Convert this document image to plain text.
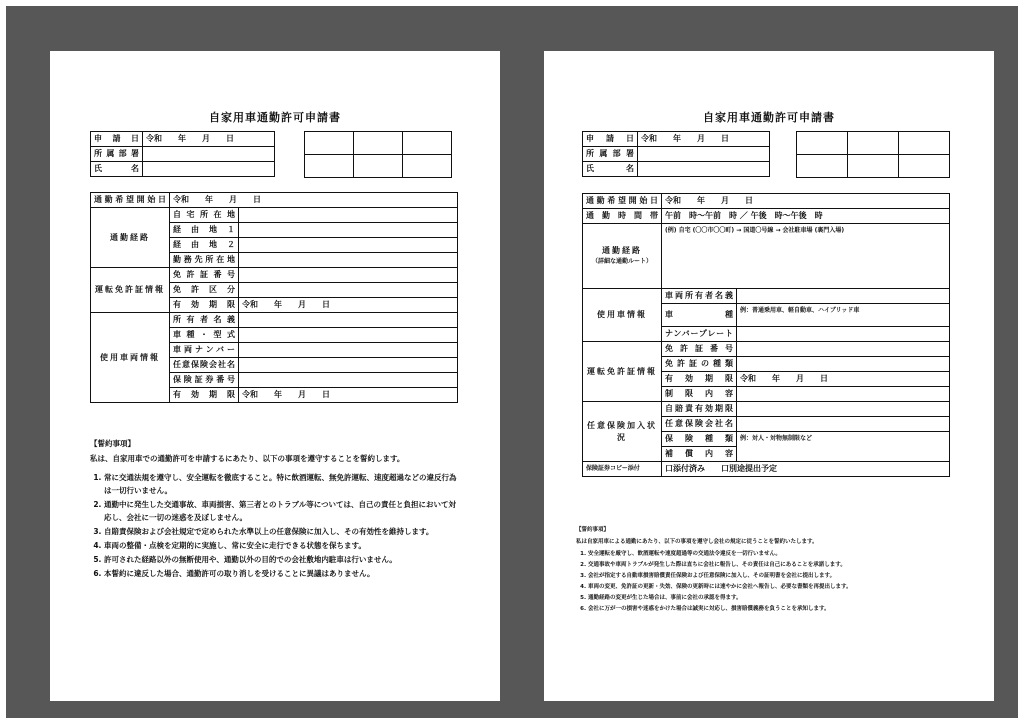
自家用車通勤許可申請書
申請日	令和　　年　　月　　日
所属部署	
氏名	

通勤希望開始日	令和　　年　　月　　日	
通勤経路	自宅所在地	
	経由地１	
	経由地２	
	勤務先所在地	
運転免許証情報	免許証番号	
	免許区分	
	有効期限	令和　　年　　月　　日
使用車両情報	所有者名義	
	車種・型式	
	車両ナンバー	
	任意保険会社名	
	保険証券番号	
	有効期限	令和　　年　　月　　日
【誓約事項】
私は、自家用車での通勤許可を申請するにあたり、以下の事項を遵守することを誓約します。
1. 常に交通法規を遵守し、安全運転を徹底すること。特に飲酒運転、無免許運転、速度超過などの違反行為は一切行いません。
2. 通勤中に発生した交通事故、車両損害、第三者とのトラブル等については、自己の責任と負担において対応し、会社に一切の迷惑を及ぼしません。
3. 自賠責保険および会社規定で定められた水準以上の任意保険に加入し、その有効性を維持します。
4. 車両の整備・点検を定期的に実施し、常に安全に走行できる状態を保ちます。
5. 許可された経路以外の無断使用や、通勤以外の目的での会社敷地内駐車は行いません。
6. 本誓約に違反した場合、通勤許可の取り消しを受けることに異議はありません。
自家用車通勤許可申請書
申請日	令和　　年　　月　　日
所属部署	
氏名	

通勤希望開始日	令和　　年　　月　　日	
通勤時間帯	午前　時〜午前　時 ／ 午後　時〜午後　時	

通勤経路
（詳細な通勤ルート）	(例) 自宅 (〇〇市〇〇町) → 国道〇号線 → 会社駐車場 (裏門入場)	
使用車情報	車両所有者名義	
	車種	例：普通乗用車、軽自動車、ハイブリッド車
	ナンバープレート	
運転免許証情報	免許証番号	
	免許証の種類	
	有効期限	令和　　年　　月　　日
	制限内容	
任意保険加入状況	自賠責有効期限	
	任意保険会社名	
	保険種類	例：対人・対物無制限など
	補償内容	
保険証券コピー添付	口添付済み　　口別途提出予定	
【誓約事項】
私は自家用車による通勤にあたり、以下の事項を遵守し会社の規定に従うことを誓約いたします。
1. 安全運転を厳守し、飲酒運転や速度超過等の交通法令違反を一切行いません。
2. 交通事故や車両トラブルが発生した際は直ちに会社に報告し、その責任は自己にあることを承諾します。
3. 会社が指定する自動車損害賠償責任保険および任意保険に加入し、その証明書を会社に提出します。
4. 車両の変更、免許証の更新・失効、保険の更新時には速やかに会社へ報告し、必要な書類を再提出します。
5. 通勤経路の変更が生じた場合は、事前に会社の承認を得ます。
6. 会社に万が一の損害や迷惑をかけた場合は誠実に対応し、損害賠償義務を負うことを承知します。
